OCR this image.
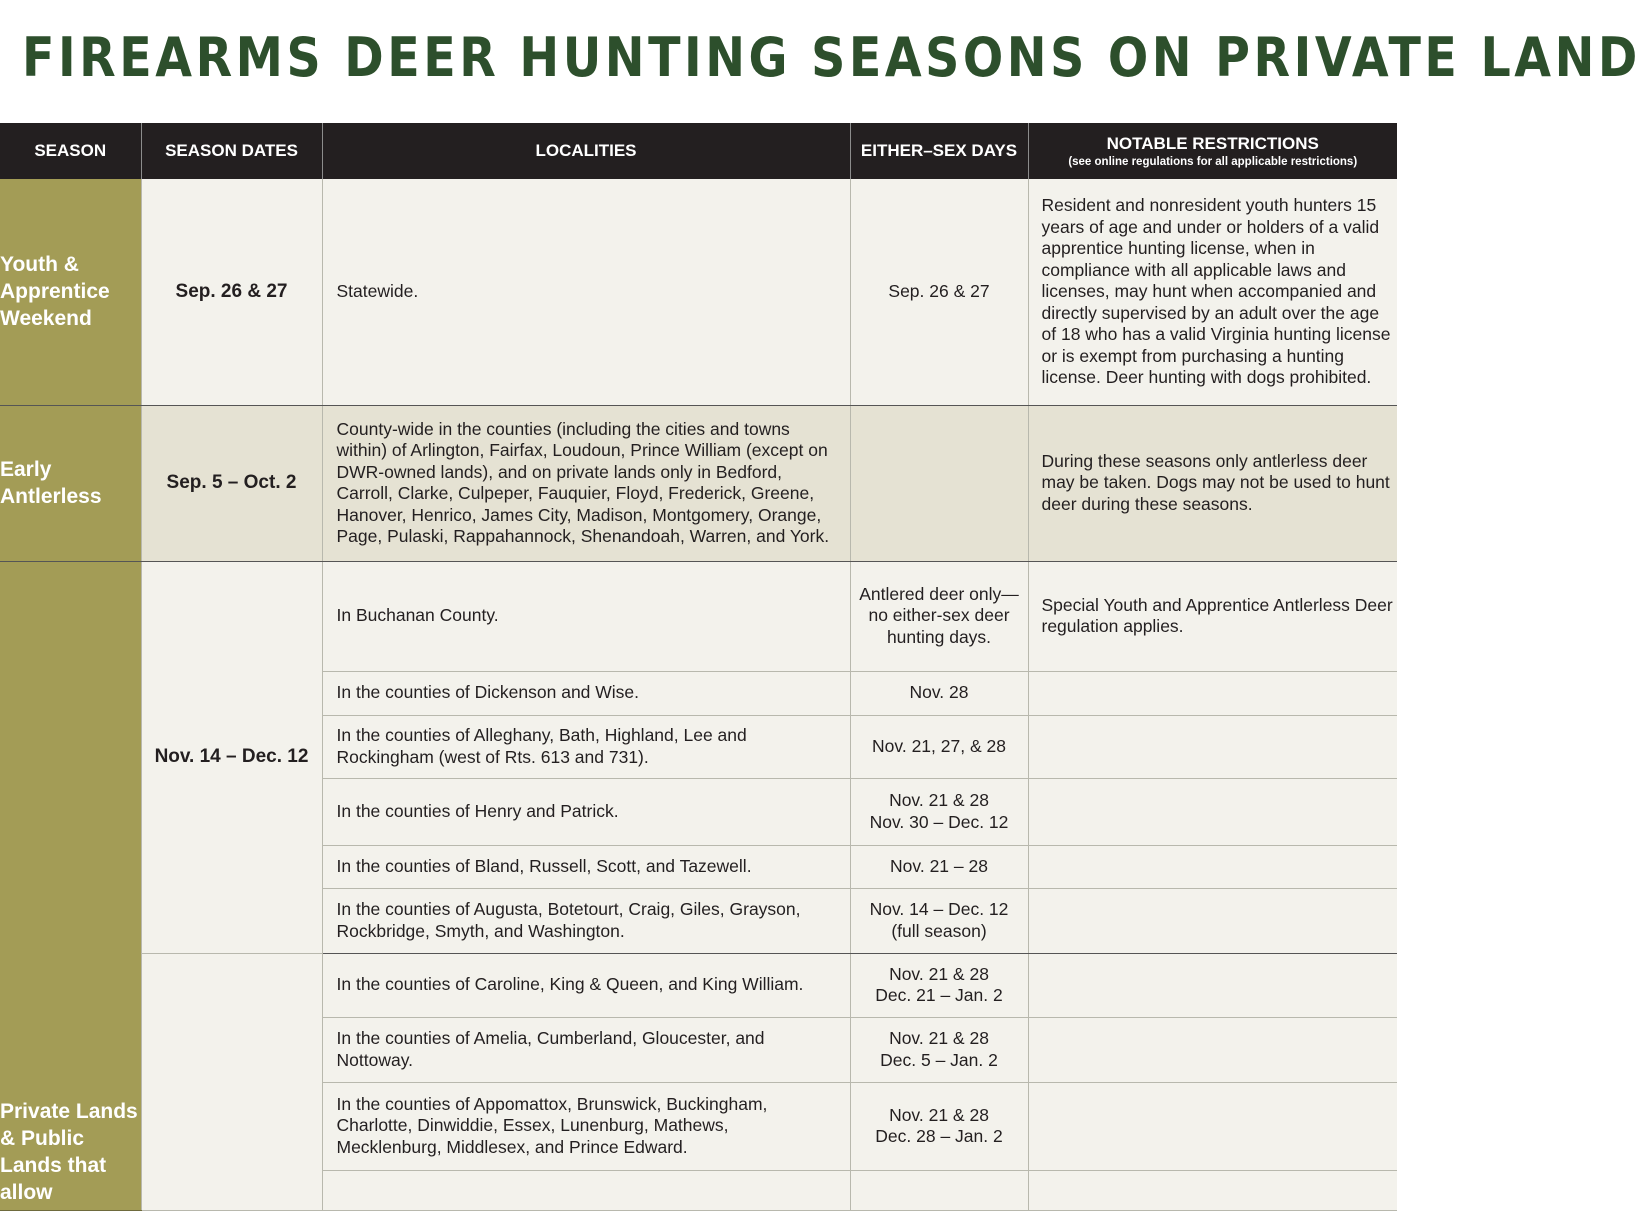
FIREARMS DEER HUNTING SEASONS ON PRIVATE LAND
SEASON	SEASON DATES	LOCALITIES	EITHER–SEX DAYS	NOTABLE RESTRICTIONS
(see online regulations for all applicable restrictions)

Youth & Apprentice Weekend	Sep. 26 & 27	Statewide.	Sep. 26 & 27	Resident and nonresident youth hunters 15 years of age and under or holders of a valid apprentice hunting license, when in compliance with all applicable laws and licenses, may hunt when accompanied and directly supervised by an adult over the age of 18 who has a valid Virginia hunting license or is exempt from purchasing a hunting license. Deer hunting with dogs prohibited.
Early Antlerless	Sep. 5 – Oct. 2	County-wide in the counties (including the cities and towns within) of Arlington, Fairfax, Loudoun, Prince William (except on DWR-owned lands), and on private lands only in Bedford, Carroll, Clarke, Culpeper, Fauquier, Floyd, Frederick, Greene, Hanover, Henrico, James City, Madison, Montgomery, Orange, Page, Pulaski, Rappahannock, Shenandoah, Warren, and York.		During these seasons only antlerless deer may be taken. Dogs may not be used to hunt deer during these seasons.
Private Lands & Public Lands that allow	Nov. 14 – Dec. 12	In Buchanan County.	Antlered deer only—no either-sex deer hunting days.	Special Youth and Apprentice Antlerless Deer regulation applies.
		In the counties of Dickenson and Wise.	Nov. 28	
		In the counties of Alleghany, Bath, Highland, Lee and Rockingham (west of Rts. 613 and 731).	Nov. 21, 27, & 28	
		In the counties of Henry and Patrick.	Nov. 21 & 28
Nov. 30 – Dec. 12	

		In the counties of Bland, Russell, Scott, and Tazewell.	Nov. 21 – 28	
		In the counties of Augusta, Botetourt, Craig, Giles, Grayson, Rockbridge, Smyth, and Washington.	Nov. 14 – Dec. 12
(full season)	

		In the counties of Caroline, King & Queen, and King William.	Nov. 21 & 28
Dec. 21 – Jan. 2	

		In the counties of Amelia, Cumberland, Gloucester, and Nottoway.	Nov. 21 & 28
Dec. 5 – Jan. 2	

		In the counties of Appomattox, Brunswick, Buckingham, Charlotte, Dinwiddie, Essex, Lunenburg, Mathews, Mecklenburg, Middlesex, and Prince Edward.	Nov. 21 & 28
Dec. 28 – Jan. 2	
